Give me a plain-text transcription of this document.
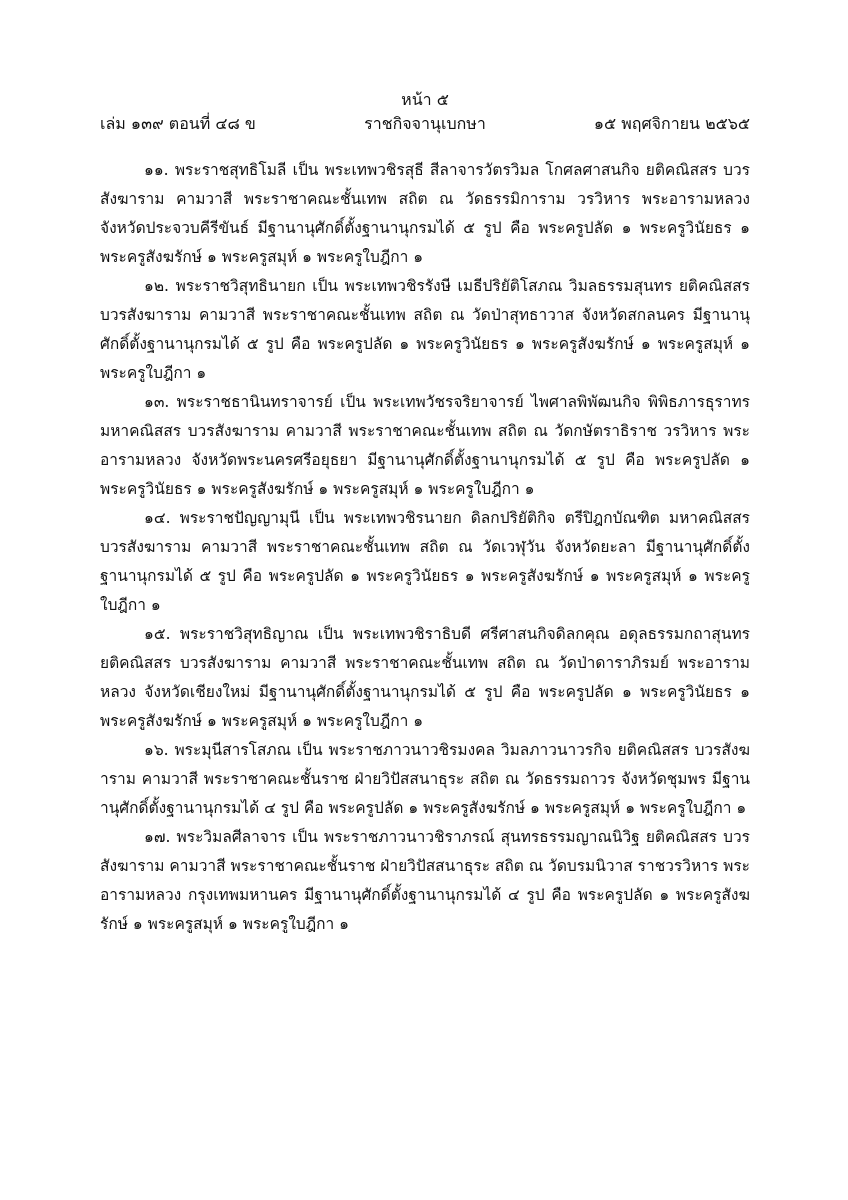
หน้า ๕
เล่ม ๑๓๙ ตอนที่ ๔๘ ข	ราชกิจจานุเบกษา	๑๕ พฤศจิกายน ๒๕๖๕

๑๑. พระราชสุทธิโมลี เป็น พระเทพวชิรสุธี สีลาจารวัตรวิมล โกศลศาสนกิจ ยติคณิสสร บวรสังฆาราม คามวาสี พระราชาคณะชั้นเทพ สถิต ณ วัดธรรมิการาม วรวิหาร พระอารามหลวง จังหวัดประจวบคีรีขันธ์ มีฐานานุศักดิ์ตั้งฐานานุกรมได้ ๕ รูป คือ พระครูปลัด ๑ พระครูวินัยธร ๑ พระครูสังฆรักษ์ ๑ พระครูสมุห์ ๑ พระครูใบฎีกา ๑

๑๒. พระราชวิสุทธินายก เป็น พระเทพวชิรรังษี เมธีปริยัติโสภณ วิมลธรรมสุนทร ยติคณิสสร บวรสังฆาราม คามวาสี พระราชาคณะชั้นเทพ สถิต ณ วัดป่าสุทธาวาส จังหวัดสกลนคร มีฐานานุศักดิ์ตั้งฐานานุกรมได้ ๕ รูป คือ พระครูปลัด ๑ พระครูวินัยธร ๑ พระครูสังฆรักษ์ ๑ พระครูสมุห์ ๑ พระครูใบฎีกา ๑

๑๓. พระราชธานินทราจารย์ เป็น พระเทพวัชรจริยาจารย์ ไพศาลพิพัฒนกิจ พิพิธภารธุราทร มหาคณิสสร บวรสังฆาราม คามวาสี พระราชาคณะชั้นเทพ สถิต ณ วัดกษัตราธิราช วรวิหาร พระอารามหลวง จังหวัดพระนครศรีอยุธยา มีฐานานุศักดิ์ตั้งฐานานุกรมได้ ๕ รูป คือ พระครูปลัด ๑ พระครูวินัยธร ๑ พระครูสังฆรักษ์ ๑ พระครูสมุห์ ๑ พระครูใบฎีกา ๑

๑๔. พระราชปัญญามุนี เป็น พระเทพวชิรนายก ดิลกปริยัติกิจ ตรีปิฎกบัณฑิต มหาคณิสสร บวรสังฆาราม คามวาสี พระราชาคณะชั้นเทพ สถิต ณ วัดเวฬุวัน จังหวัดยะลา มีฐานานุศักดิ์ตั้งฐานานุกรมได้ ๕ รูป คือ พระครูปลัด ๑ พระครูวินัยธร ๑ พระครูสังฆรักษ์ ๑ พระครูสมุห์ ๑ พระครูใบฎีกา ๑

๑๕. พระราชวิสุทธิญาณ เป็น พระเทพวชิราธิบดี ศรีศาสนกิจดิลกคุณ อดุลธรรมกถาสุนทร ยติคณิสสร บวรสังฆาราม คามวาสี พระราชาคณะชั้นเทพ สถิต ณ วัดป่าดาราภิรมย์ พระอารามหลวง จังหวัดเชียงใหม่ มีฐานานุศักดิ์ตั้งฐานานุกรมได้ ๕ รูป คือ พระครูปลัด ๑ พระครูวินัยธร ๑ พระครูสังฆรักษ์ ๑ พระครูสมุห์ ๑ พระครูใบฎีกา ๑

๑๖. พระมุนีสารโสภณ เป็น พระราชภาวนาวชิรมงคล วิมลภาวนาวรกิจ ยติคณิสสร บวรสังฆาราม คามวาสี พระราชาคณะชั้นราช ฝ่ายวิปัสสนาธุระ สถิต ณ วัดธรรมถาวร จังหวัดชุมพร มีฐานานุศักดิ์ตั้งฐานานุกรมได้ ๔ รูป คือ พระครูปลัด ๑ พระครูสังฆรักษ์ ๑ พระครูสมุห์ ๑ พระครูใบฎีกา ๑

๑๗. พระวิมลศีลาจาร เป็น พระราชภาวนาวชิราภรณ์ สุนทรธรรมญาณนิวิฐ ยติคณิสสร บวรสังฆาราม คามวาสี พระราชาคณะชั้นราช ฝ่ายวิปัสสนาธุระ สถิต ณ วัดบรมนิวาส ราชวรวิหาร พระอารามหลวง กรุงเทพมหานคร มีฐานานุศักดิ์ตั้งฐานานุกรมได้ ๔ รูป คือ พระครูปลัด ๑ พระครูสังฆรักษ์ ๑ พระครูสมุห์ ๑ พระครูใบฎีกา ๑
